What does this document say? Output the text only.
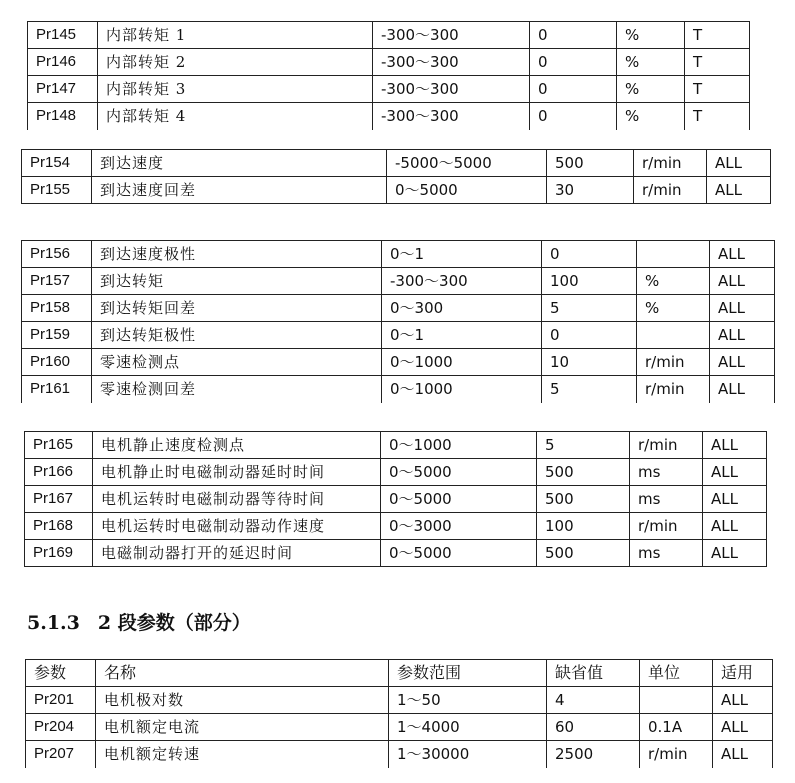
Pr145	内部转矩 1	-300～300	0	%	T
Pr146	内部转矩 2	-300～300	0	%	T
Pr147	内部转矩 3	-300～300	0	%	T
Pr148	内部转矩 4	-300～300	0	%	T
Pr154	到达速度	-5000～5000	500	r/min	ALL
Pr155	到达速度回差	0～5000	30	r/min	ALL
Pr156	到达速度极性	0～1	0		ALL
Pr157	到达转矩	-300～300	100	%	ALL
Pr158	到达转矩回差	0～300	5	%	ALL
Pr159	到达转矩极性	0～1	0		ALL
Pr160	零速检测点	0～1000	10	r/min	ALL
Pr161	零速检测回差	0～1000	5	r/min	ALL
Pr165	电机静止速度检测点	0～1000	5	r/min	ALL
Pr166	电机静止时电磁制动器延时时间	0～5000	500	ms	ALL
Pr167	电机运转时电磁制动器等待时间	0～5000	500	ms	ALL
Pr168	电机运转时电磁制动器动作速度	0～3000	100	r/min	ALL
Pr169	电磁制动器打开的延迟时间	0～5000	500	ms	ALL
5.1.3 2 段参数（部分）
参数	名称	参数范围	缺省值	单位	适用
Pr201	电机极对数	1～50	4		ALL
Pr204	电机额定电流	1～4000	60	0.1A	ALL
Pr207	电机额定转速	1～30000	2500	r/min	ALL
